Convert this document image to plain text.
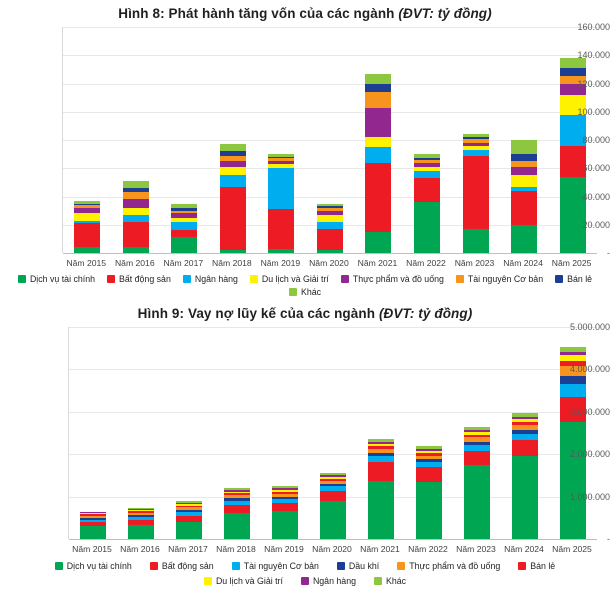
Hình 8: Phát hành tăng vốn của các ngành (ĐVT: tỷ đồng)
-
20.000
40.000
60.000
80.000
100.000
120.000
140.000
160.000
Năm 2015	Năm 2016	Năm 2017	Năm 2018	Năm 2019	Năm 2020	Năm 2021	Năm 2022	Năm 2023	Năm 2024	Năm 2025
Dịch vụ tài chính	Bất động sản	Ngân hàng	Du lịch và Giải trí	Thực phẩm và đồ uống	Tài nguyên Cơ bản	Bán lẻ
Khác
Hình 9: Vay nợ lũy kế của các ngành (ĐVT: tỷ đồng)
-
1.000.000
2.000.000
3.000.000
4.000.000
5.000.000
Năm 2015 Năm 2016 Năm 2017 Năm 2018 Năm 2019 Năm 2020 Năm 2021 Năm 2022 Năm 2023 Năm 2024 Năm 2025
Dịch vụ tài chính	Bất động sản	Tài nguyên Cơ bản	Dầu khí	Thực phẩm và đồ uống	Bán lẻ
Du lịch và Giải trí	Ngân hàng	Khác
